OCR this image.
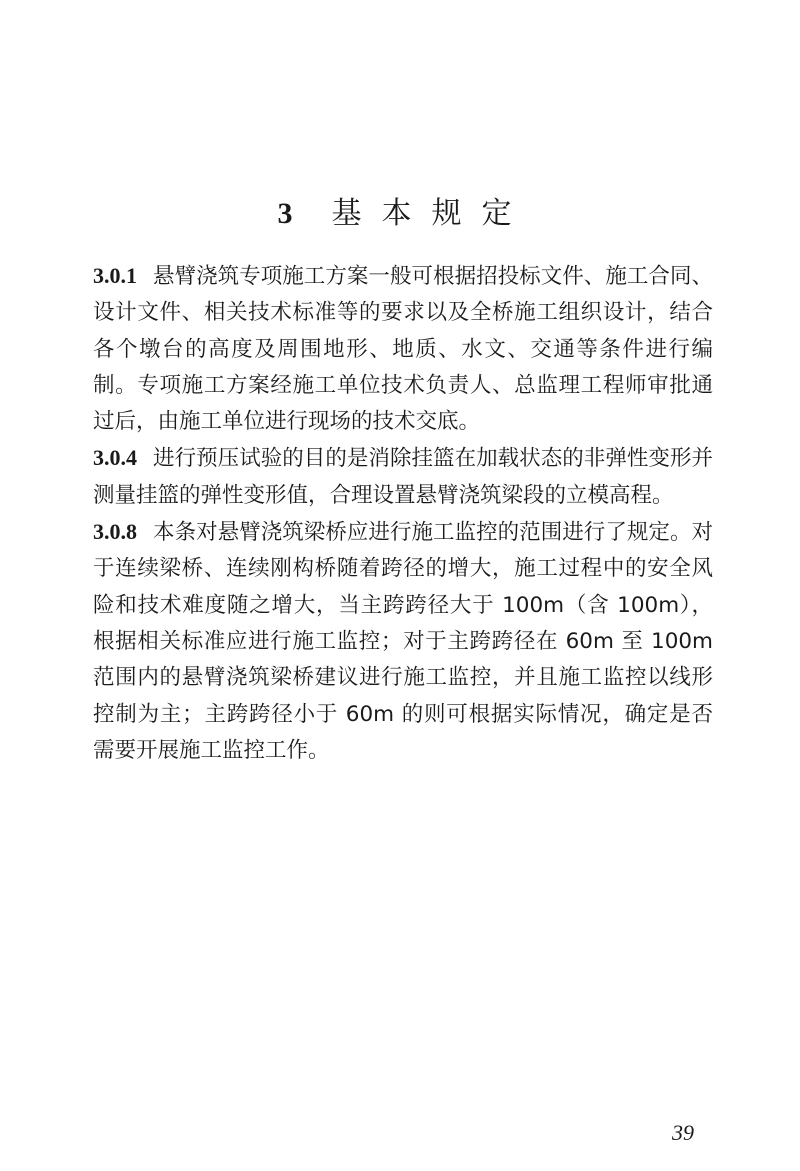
3 基 本 规 定

3.0.1 悬臂浇筑专项施工方案一般可根据招投标文件、施工合同、设计文件、相关技术标准等的要求以及全桥施工组织设计，结合各个墩台的高度及周围地形、地质、水文、交通等条件进行编制。专项施工方案经施工单位技术负责人、总监理工程师审批通过后，由施工单位进行现场的技术交底。

3.0.4 进行预压试验的目的是消除挂篮在加载状态的非弹性变形并测量挂篮的弹性变形值，合理设置悬臂浇筑梁段的立模高程。

3.0.8 本条对悬臂浇筑梁桥应进行施工监控的范围进行了规定。对于连续梁桥、连续刚构桥随着跨径的增大，施工过程中的安全风险和技术难度随之增大，当主跨跨径大于 100m（含 100m），根据相关标准应进行施工监控；对于主跨跨径在 60m 至 100m 范围内的悬臂浇筑梁桥建议进行施工监控，并且施工监控以线形控制为主；主跨跨径小于 60m 的则可根据实际情况，确定是否需要开展施工监控工作。

39
